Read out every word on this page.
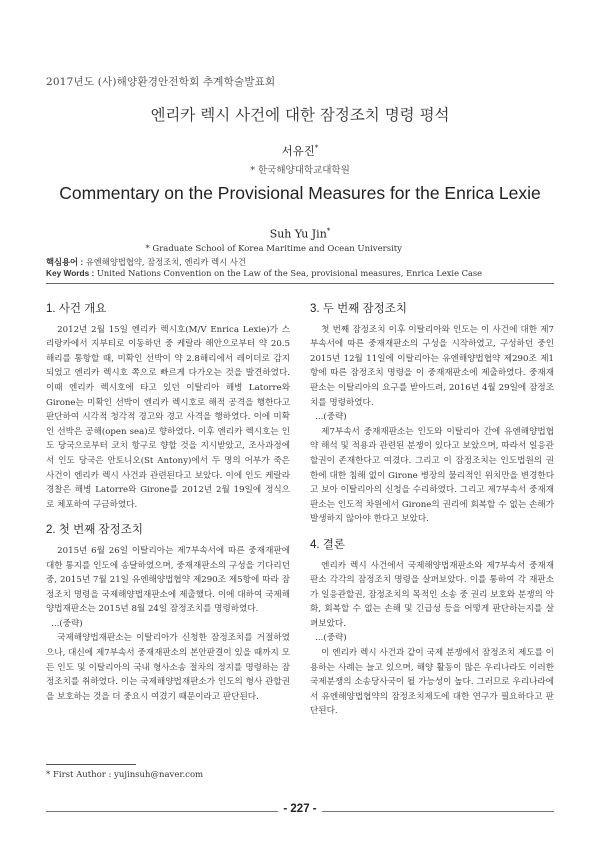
2017년도 (사)해양환경안전학회 추계학술발표회
엔리카 렉시 사건에 대한 잠정조치 명령 평석
서유진*
* 한국해양대학교대학원
Commentary on the Provisional Measures for the Enrica Lexie
Suh Yu Jin*
* Graduate School of Korea Maritime and Ocean University
핵심용어 : 유엔해양법협약, 잠정조치, 엔리카 렉시 사건
Key Words : United Nations Convention on the Law of the Sea, provisional measures, Enrica Lexie Case
1. 사건 개요

2012년 2월 15일 엔리카 렉시호(M/V Enrica Lexie)가 스리랑카에서 지부티로 이동하던 중 케랄라 해안으로부터 약 20.5해리를 통항할 때, 미확인 선박이 약 2.8해리에서 레이더로 감지되었고 엔리카 렉시호 쪽으로 빠르게 다가오는 것을 발견하였다. 이때 엔리카 렉시호에 타고 있던 이탈리아 해병 Latorre와 Girone는 미확인 선박이 엔리카 렉시호로 해적 공격을 행한다고 판단하여 시각적 청각적 경고와 경고 사격을 행하였다. 이에 미확인 선박은 공해(open sea)로 향하였다. 이후 엔리카 렉시호는 인도 당국으로부터 코치 항구로 향할 것을 지시받았고, 조사과정에서 인도 당국은 안토니오(St Antony)에서 두 명의 어부가 죽은 사건이 엔리카 렉시 사건과 관련된다고 보았다. 이에 인도 케랄라 경찰은 해병 Latorre와 Girone를 2012년 2월 19일에 정식으로 체포하여 구금하였다.

2. 첫 번째 잠정조치

2015년 6월 26일 이탈리아는 제7부속서에 따른 중재재판에 대한 통지를 인도에 송달하였으며, 중재재판소의 구성을 기다리던 중, 2015년 7월 21일 유엔해양법협약 제290조 제5항에 따라 잠정조치 명령을 국제해양법재판소에 제출했다. 이에 대하여 국제해양법재판소는 2015년 8월 24일 잠정조치를 명령하였다.

...(중략)

국제해양법재판소는 이탈리아가 신청한 잠정조치를 거절하였으나, 대신에 제7부속서 중재재판소의 본안판결이 있을 때까지 모든 인도 및 이탈리아의 국내 형사소송 절차의 정지를 명령하는 잠정조치를 취하였다. 이는 국제해양법재판소가 인도의 형사 관할권을 보호하는 것을 더 중요시 여겼기 때문이라고 판단된다.

3. 두 번째 잠정조치

첫 번째 잠정조치 이후 이탈리아와 인도는 이 사건에 대한 제7부속서에 따른 중재재판소의 구성을 시작하였고, 구성하던 중인 2015년 12월 11일에 이탈리아는 유엔해양법협약 제290조 제1항에 따른 잠정조치 명령을 이 중재재판소에 제출하였다. 중재재판소는 이탈리아의 요구를 받아드려, 2016년 4월 29일에 잠정조치를 명령하였다.

...(중략)

제7부속서 중재재판소는 인도와 이탈리아 간에 유엔해양법협약 해석 및 적용과 관련된 분쟁이 있다고 보았으며, 따라서 일응관할권이 존재한다고 여겼다. 그리고 이 잠정조치는 인도법원의 권한에 대한 침해 없이 Girone 병장의 물리적인 위치만을 변경한다고 보아 이탈리아의 신청을 수리하였다. 그리고 제7부속서 중재재판소는 인도적 차원에서 Girone의 권리에 회복할 수 없는 손해가 발생하지 않아야 한다고 보았다.

4. 결론

엔리카 렉시 사건에서 국제해양법재판소와 제7부속서 중재재판소 각각의 잠정조치 명령을 살펴보았다. 이를 통하여 각 재판소가 일응관할권, 잠정조치의 목적인 소송 중 권리 보호와 분쟁의 악화, 회복할 수 없는 손해 및 긴급성 등을 어떻게 판단하는지를 살펴보았다.

...(중략)

이 엔리카 렉시 사건과 같이 국제 분쟁에서 잠정조치 제도를 이용하는 사례는 늘고 있으며, 해양 활동이 많은 우리나라도 이러한 국제분쟁의 소송당사국이 될 가능성이 높다. 그러므로 우리나라에서 유엔해양법협약의 잠정조치제도에 대한 연구가 필요하다고 판단된다.

* First Author : yujinsuh@naver.com
- 227 -
